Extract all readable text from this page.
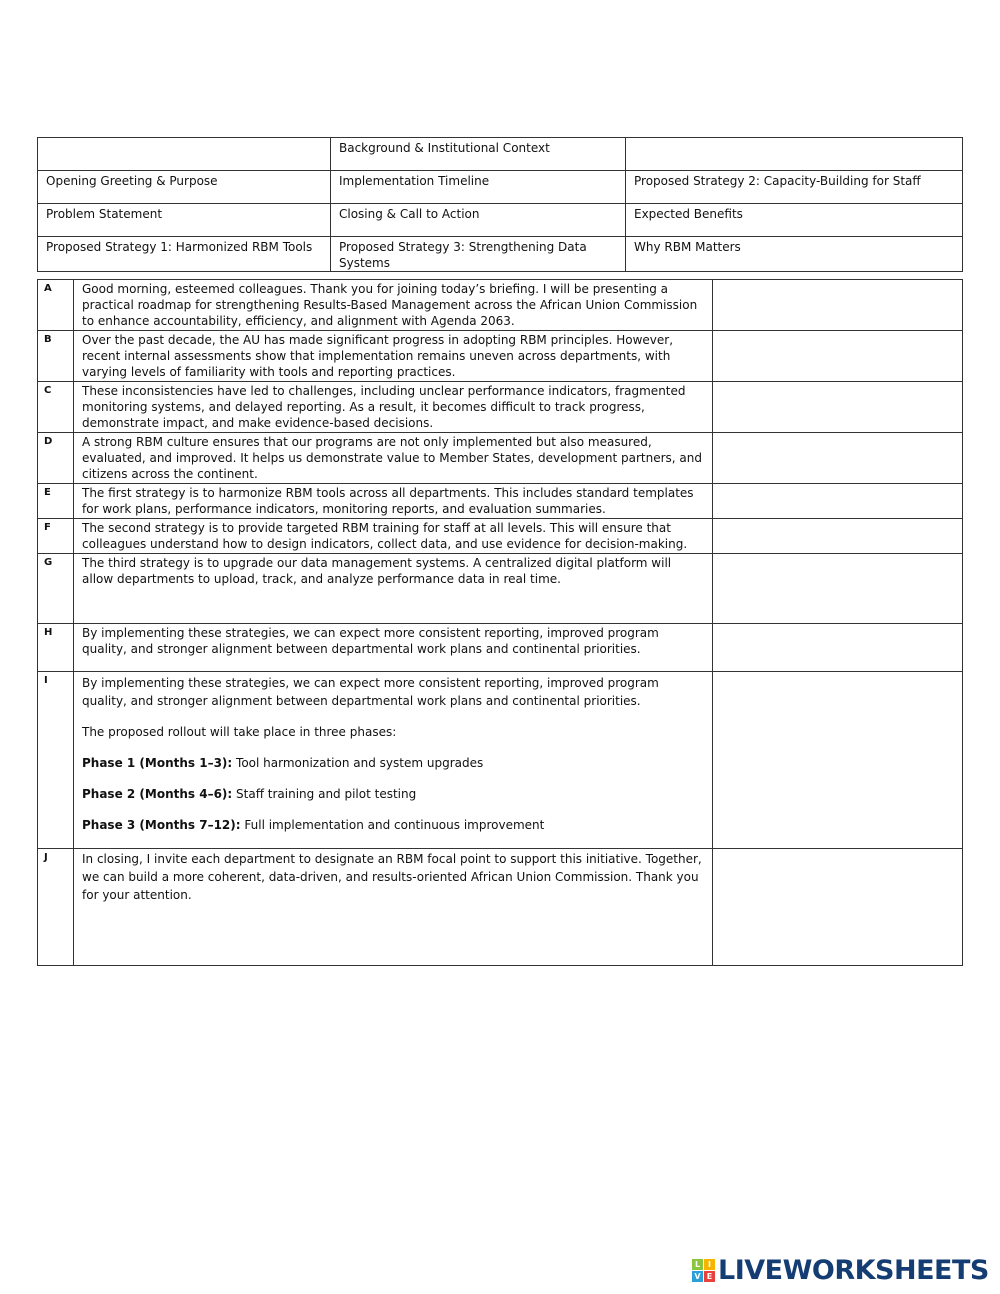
	Background & Institutional Context	
Opening Greeting & Purpose	Implementation Timeline	Proposed Strategy 2: Capacity-Building for Staff
Problem Statement	Closing & Call to Action	Expected Benefits
Proposed Strategy 1: Harmonized RBM Tools	Proposed Strategy 3: Strengthening Data Systems	Why RBM Matters
A	Good morning, esteemed colleagues. Thank you for joining today’s briefing. I will be presenting a practical roadmap for strengthening Results-Based Management across the African Union Commission to enhance accountability, efficiency, and alignment with Agenda 2063.	
B	Over the past decade, the AU has made significant progress in adopting RBM principles. However, recent internal assessments show that implementation remains uneven across departments, with varying levels of familiarity with tools and reporting practices.	
C	These inconsistencies have led to challenges, including unclear performance indicators, fragmented monitoring systems, and delayed reporting. As a result, it becomes difficult to track progress, demonstrate impact, and make evidence-based decisions.	
D	A strong RBM culture ensures that our programs are not only implemented but also measured, evaluated, and improved. It helps us demonstrate value to Member States, development partners, and citizens across the continent.	
E	The first strategy is to harmonize RBM tools across all departments. This includes standard templates for work plans, performance indicators, monitoring reports, and evaluation summaries.	
F	The second strategy is to provide targeted RBM training for staff at all levels. This will ensure that colleagues understand how to design indicators, collect data, and use evidence for decision-making.	
G	The third strategy is to upgrade our data management systems. A centralized digital platform will allow departments to upload, track, and analyze performance data in real time.	
H	By implementing these strategies, we can expect more consistent reporting, improved program quality, and stronger alignment between departmental work plans and continental priorities.	
I	By implementing these strategies, we can expect more consistent reporting, improved program quality, and stronger alignment between departmental work plans and continental priorities.

The proposed rollout will take place in three phases:

Phase 1 (Months 1–3): Tool harmonization and system upgrades

Phase 2 (Months 4–6): Staff training and pilot testing

Phase 3 (Months 7–12): Full implementation and continuous improvement	

J	In closing, I invite each department to designate an RBM focal point to support this initiative. Together, we can build a more coherent, data-driven, and results-oriented African Union Commission. Thank you for your attention.	
L I
V E LIVEWORKSHEETS
